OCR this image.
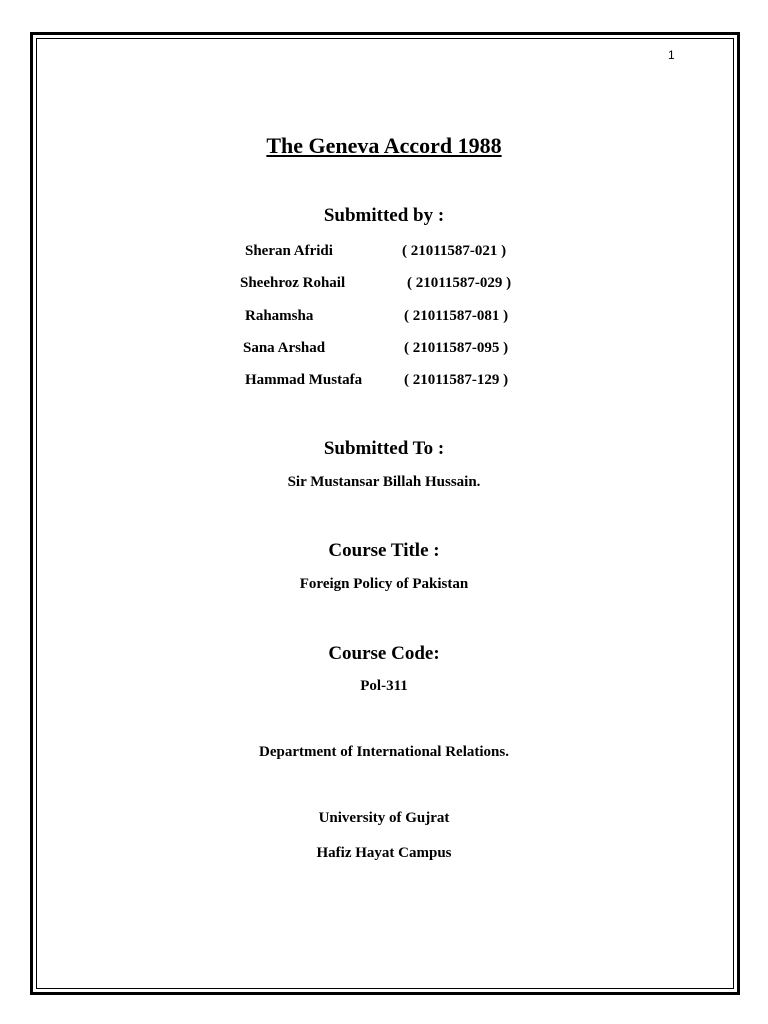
1
The Geneva Accord 1988
Submitted by :
Sheran Afridi	( 21011587-021 )
Sheehroz Rohail	( 21011587-029 )
Rahamsha	( 21011587-081 )
Sana Arshad	( 21011587-095 )
Hammad Mustafa	( 21011587-129 )
Submitted To :
Sir Mustansar Billah Hussain.
Course Title :
Foreign Policy of Pakistan
Course Code:
Pol-311
Department of International Relations.
University of Gujrat
Hafiz Hayat Campus
